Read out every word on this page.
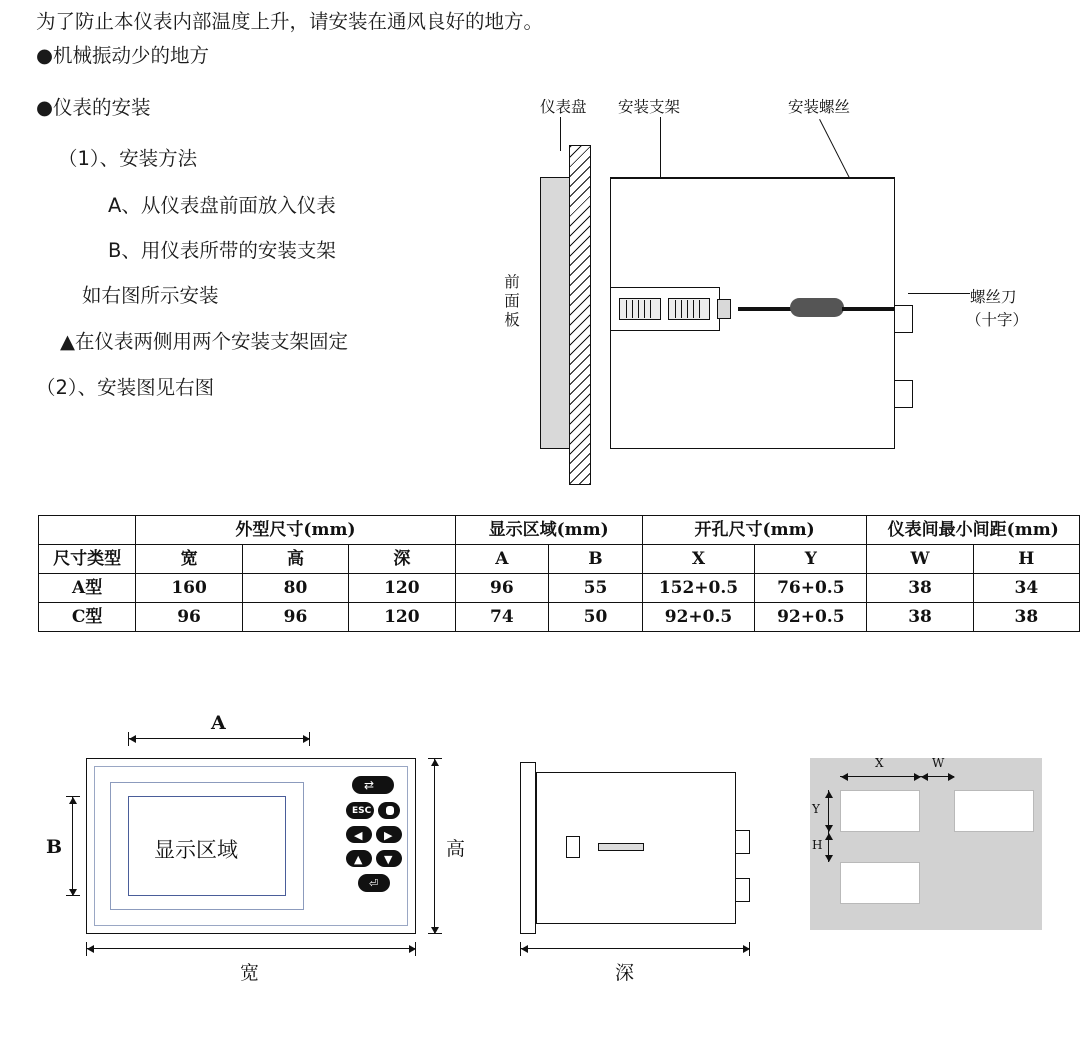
为了防止本仪表内部温度上升，请安装在通风良好的地方。
●机械振动少的地方
●仪表的安装
（1）、安装方法
A、从仪表盘前面放入仪表
B、用仪表所带的安装支架
如右图所示安装
▲在仪表两侧用两个安装支架固定
（2）、安装图见右图
仪表盘 安装支架	安装螺丝
前面板
螺丝刀
（十字）
	外型尺寸(mm)			显示区域(mm)		开孔尺寸(mm)		仪表间最小间距(mm)	
尺寸类型	宽	高	深	A	B	X	Y	W	H
A型	160	80	120	96	55	152+0.5	76+0.5	38	34
C型	96	96	120	74	50	92+0.5	92+0.5	38	38
A
显示区域
⇄
ESC
◀ ▶
▲ ▼
⏎
B	高
宽	深
X	W
Y
H
